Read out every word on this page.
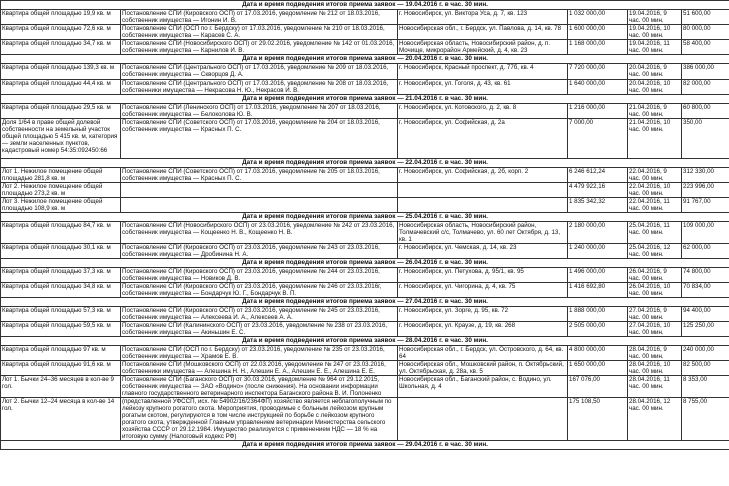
Дата и время подведения итогов приема заявок — 19.04.2016 г. в час. 30 мин.					
Квартира общей площадью 19,9 кв. м	Постановление СПИ (Кировского ОСП) от 17.03.2016, уведомление № 212 от 18.03.2016, собственник имущества — Игонин И. В.	г. Новосибирск, ул. Виктора Уса, д. 7, кв. 123	1 032 000,00	19.04.2016, 9 час. 00 мин.	51 600,00
Квартира общей площадью 72,6 кв. м	Постановление СПИ (ОСП по г. Бердску) от 17.03.2016, уведомление № 210 от 18.03.2016, собственник имущества — Карасев С. А.	Новосибирская обл., г. Бердск, ул. Павлова, д. 14, кв. 78	1 600 000,00	19.04.2016, 10 час. 00 мин.	80 000,00
Квартира общей площадью 34,7 кв. м	Постановление СПИ (Новосибирского ОСП) от 29.02.2016, уведомление № 142 от 01.03.2016, собственник имущества — Карнилов И. В.	Новосибирская область, Новосибирский район, д. п. Мочище, микрорайон Армейский, д. 4, кв. 23	1 168 000,00	19.04.2016, 11 час. 00 мин.	58 400,00
Дата и время подведения итогов приема заявок — 20.04.2016 г. в час. 30 мин.					
Квартира общей площадью 139,3 кв. м	Постановление СПИ (Центрального ОСП) от 17.03.2016, уведомление № 209 от 18.03.2016, собственник имущества — Скворцов Д. А.	г. Новосибирск, Красный проспект, д. 77б, кв. 4	7 720 000,00	20.04.2016, 9 час. 00 мин.	386 000,00
Квартира общей площадью 44,4 кв. м	Постановление СПИ (Центрального ОСП) от 17.03.2016, уведомление № 208 от 18.03.2016, собственники имущества — Некрасова Н. Ю., Некрасов И. В.	г. Новосибирск, ул. Гоголя, д. 43, кв. 61	1 640 000,00	20.04.2016, 10 час. 00 мин.	82 000,00
Дата и время подведения итогов приема заявок — 21.04.2016 г. в час. 30 мин.					
Квартира общей площадью 29,5 кв. м	Постановление СПИ (Ленинского ОСП) от 17.03.2016, уведомление № 207 от 18.03.2016, собственник имущества — Белоколова Ю. В.	г. Новосибирск, ул. Котовского, д. 2, кв. 8	1 216 000,00	21.04.2016, 9 час. 00 мин.	60 800,00
Доля 1/64 в праве общей долевой собственности на земельный участок общей площадью 5 415 кв. м, категория — земли населенных пунктов, кадастровый номер 54:35:092450:66	Постановление СПИ (Советского ОСП) от 17.03.2016, уведомление № 204 от 18.03.2016, собственник имущества — Красных П. С.	г. Новосибирск, ул. Софийская, д. 2а	7 000,00	21.04.2016, 10 час. 00 мин.	350,00
Дата и время подведения итогов приема заявок — 22.04.2016 г. в час. 30 мин.					
Лот 1. Нежилое помещение общей площадью 281,8 кв. м	Постановление СПИ (Советского ОСП) от 17.03.2016, уведомление № 205 от 18.03.2016, собственник имущества — Красных П. С.	г. Новосибирск, ул. Софийская, д. 2б, корп. 2	6 246 612,24	22.04.2016, 9 час. 00 мин.	312 330,00
Лот 2. Нежилое помещение общей площадью 273,2 кв. м			4 479 922,16	22.04.2016, 10 час. 00 мин.	223 996,00
Лот 3. Нежилое помещение общей площадью 108,9 кв. м			1 835 342,32	22.04.2016, 11 час. 00 мин.	91 767,00
Дата и время подведения итогов приема заявок — 25.04.2016 г. в час. 30 мин.					
Квартира общей площадью 84,7 кв. м	Постановление СПИ (Новосибирского ОСП) от 23.03.2016, уведомление № 242 от 23.03.2016, собственник имущества — Кощеенко Н. В., Кощеенко Н. В.	Новосибирская область, Новосибирский район, Толмачевский с/с, Толмачево, ул. 60 лет Октября, д. 13, кв. 1	2 180 000,00	25.04.2016, 11 час. 00 мин.	109 000,00
Квартира общей площадью 30,1 кв. м	Постановление СПИ (Кировского ОСП) от 23.03.2016, уведомление № 243 от 23.03.2016, собственник имущества — Дробинина Н. А.	г. Новосибирск, ул. Чемская, д. 14, кв. 23	1 240 000,00	25.04.2016, 12 час. 00 мин.	62 000,00
Дата и время подведения итогов приема заявок — 26.04.2016 г. в час. 30 мин.					
Квартира общей площадью 37,3 кв. м	Постановление СПИ (Кировского ОСП) от 23.03.2016, уведомление № 244 от 23.03.2016, собственник имущества — Новиков Д. В.	г. Новосибирск, ул. Петухова, д. 95/1, кв. 95	1 496 000,00	26.04.2016, 9 час. 00 мин.	74 800,00
Квартира общей площадью 34,8 кв. м	Постановление СПИ (Кировского ОСП) от 23.03.2016, уведомление № 246 от 23.03.2016г, собственник имущества — Бондарчук Ю. Г., Бондарчук В. П.	г. Новосибирск, ул. Чигорина, д. 4, кв. 75	1 416 692,80	26.04.2016, 10 час. 00 мин.	70 834,00
Дата и время подведения итогов приема заявок — 27.04.2016 г. в час. 30 мин.					
Квартира общей площадью 57,3 кв. м	Постановление СПИ (Кировского ОСП) от 23.03.2016, уведомление № 245 от 23.03.2016, собственник имущества — Алексеева И. А., Алексеев А. А.	г. Новосибирск, ул. Зорге, д. 95, кв. 72	1 888 000,00	27.04.2016, 9 час. 00 мин.	94 400,00
Квартира общей площадью 59,5 кв. м	Постановление СПИ (Калининского ОСП) от 23.03.2016, уведомление № 238 от 23.03.2016, собственник имущества — Акиньшин Е. С.	г. Новосибирск, ул. Краузе, д. 19, кв. 268	2 505 000,00	27.04.2016, 10 час. 00 мин.	125 250,00
Дата и время подведения итогов приема заявок — 28.04.2016 г. в час. 30 мин.					
Квартира общей площадью 97 кв. м	Постановление СПИ (ОСП по г. Бердску) от 23.03.2016, уведомление № 235 от 23.03.2016, собственник имущества — Храмов Е. В.	Новосибирская обл., г. Бердск, ул. Островского, д. 64, кв. 64	4 800 000,00	28.04.2016, 9 час. 00 мин.	240 000,00
Квартира общей площадью 91,6 кв. м	Постановление СПИ (Мошковского ОСП) от 22.03.2016, уведомление № 247 от 23.03.2016, собственники имущества — Алешина Н. Н., Алешин Е. А., Алешин Е. Е., Алешина Е. Е.	Новосибирская обл., Мошковский район, п. Октябрьский, ул. Октябрьская, д. 28а, кв. 5	1 650 000,00	28.04.2016, 10 час. 00 мин.	82 500,00
Лот 1. Бычки 24–36 месяцев в кол-ве 9 гол.	Постановление СПИ (Баганского ОСП) от 30.03.2016, уведомление № 964 от 29.12.2015, собственник имущества — ЗАО «Водино» (после снижения). На основании информации главного государственного ветеринарного инспектора Баганского района В. И. Полоненко	Новосибирская обл., Баганский район, с. Водино, ул. Школьная, д. 4	167 076,00	28.04.2016, 11 час. 00 мин.	8 353,00
Лот 2. Бычки 12–24 месяца в кол-ве 14 гол.	(представленной УФССП, исх. № 54902/16/2364ФП) хозяйство является неблагополучным по лейкозу крупного рогатого скота. Мероприятия, проводимые с больным лейкозом крупным рогатым скотом, регулируются в том числе инструкцией по борьбе с лейкозом крупного рогатого скота, утвержденной Главным управлением ветеринарии Министерства сельского хозяйства СССР от 29.12.1984. Имущество реализуется с применением НДС — 18 % на итоговую сумму (Налоговый кодекс РФ)		175 108,50	28.04.2016, 12 час. 00 мин.	8 755,00
Дата и время подведения итогов приема заявок — 29.04.2016 г. в час. 30 мин.					
